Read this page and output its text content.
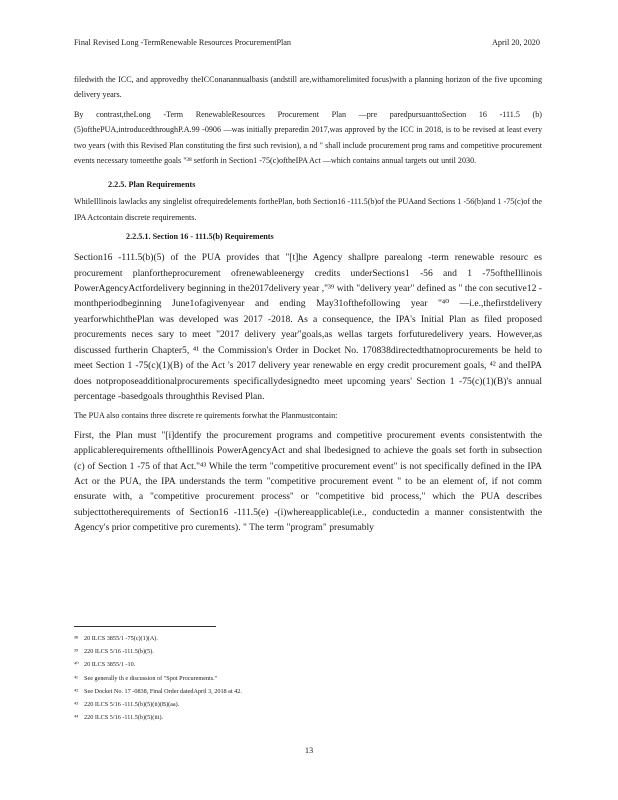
Final Revised Long -TermRenewable Resources ProcurementPlan	April 20, 2020

filedwith the ICC, and approvedby theICConanannualbasis (andstill are,withamorelimited focus)with a planning horizon of the five upcoming delivery years.

By contrast,theLong -Term RenewableResources Procurement Plan —pre paredpursuanttoSection 16 -111.5 (b)(5)ofthePUA,introducedthroughP.A.99 -0906 —was initially preparedin 2017,was approved by the ICC in 2018, is to be revised at least every two years (with this Revised Plan constituting the first such revision), a nd " shall include procurement prog rams and competitive procurement events necessary tomeetthe goals "³⁸ setforth in Section1 -75(c)oftheIPA Act —which contains annual targets out until 2030.

2.2.5. Plan Requirements

WhileIllinois lawlacks any singlelist ofrequiredelements forthePlan, both Section16 -111.5(b)of the PUAand Sections 1 -56(b)and 1 -75(c)of the IPA Actcontain discrete requirements.

2.2.5.1. Section 16 - 111.5(b) Requirements

Section16 -111.5(b)(5) of the PUA provides that "[t]he Agency shallpre parealong -term renewable resourc es procurement planfortheprocurement ofrenewableenergy credits underSections1 -56 and 1 -75oftheIllinois PowerAgencyActfordelivery beginning in the2017delivery year ,"³⁹ with "delivery year" defined as " the con secutive12 -monthperiodbeginning June1ofagivenyear and ending May31ofthefollowing year "⁴⁰ —i.e.,thefirstdelivery yearforwhichthePlan was developed was 2017 -2018. As a consequence, the IPA's Initial Plan as filed proposed procurements neces sary to meet "2017 delivery year"goals,as wellas targets forfuturedelivery years. However,as discussed furtherin Chapter5, ⁴¹ the Commission's Order in Docket No. 170838directedthatnoprocurements be held to meet Section 1 -75(c)(1)(B) of the Act 's 2017 delivery year renewable en ergy credit procurement goals, ⁴² and theIPA does notproposeadditionalprocurements specificallydesignedto meet upcoming years' Section 1 -75(c)(1)(B)'s annual percentage -basedgoals throughthis Revised Plan.

The PUA also contains three discrete re quirements forwhat the Planmustcontain:

First, the Plan must "[i]dentify the procurement programs and competitive procurement events consistentwith the applicablerequirements oftheIllinois PowerAgencyAct and shal lbedesigned to achieve the goals set forth in subsection (c) of Section 1 -75 of that Act."⁴³ While the term "competitive procurement event" is not specifically defined in the IPA Act or the PUA, the IPA understands the term "competitive procurement event " to be an element of, if not comm ensurate with, a "competitive procurement process" or "competitive bid process," which the PUA describes subjecttotherequirements of Section16 -111.5(e) -(i)whereapplicable(i.e., conductedin a manner consistentwith the Agency's prior competitive pro curements). " The term "program" presumably

³⁸ 20 ILCS 3855/1 -75(c)(1)(A).
³⁹ 220 ILCS 5/16 -111.5(b)(5).
⁴⁰ 20 ILCS 3855/1 -10.
⁴¹ See generally th e discussion of "Spot Procurements."
⁴² See Docket No. 17 -0838, Final Order datedApril 3, 2018 at 42.
⁴³ 220 ILCS 5/16 -111.5(b)(5)(ii)(B)(aa).
⁴⁴ 220 ILCS 5/16 -111.5(b)(5)(iii).
13
